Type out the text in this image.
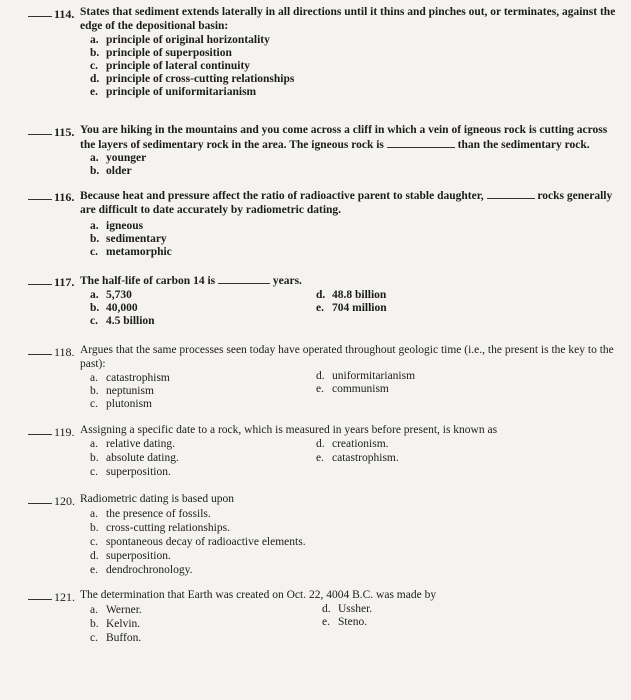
114. States that sediment extends laterally in all directions until it thins and pinches out, or terminates, against the edge of the depositional basin:
a. principle of original horizontality
b. principle of superposition
c. principle of lateral continuity
d. principle of cross-cutting relationships
e. principle of uniformitarianism
115. You are hiking in the mountains and you come across a cliff in which a vein of igneous rock is cutting across the layers of sedimentary rock in the area. The igneous rock is	than the sedimentary rock.
a. younger
b. older
116. Because heat and pressure affect the ratio of radioactive parent to stable daughter,	rocks generally are difficult to date accurately by radiometric dating.
a. igneous
b. sedimentary
c. metamorphic
117. The half-life of carbon 14 is	years.
a. 5,730
b. 40,000
c. 4.5 billion
d. 48.8 billion
e. 704 million
118. Argues that the same processes seen today have operated throughout geologic time (i.e., the present is the key to the past):
a. catastrophism
b. neptunism
c. plutonism
d. uniformitarianism
e. communism
119. Assigning a specific date to a rock, which is measured in years before present, is known as
a. relative dating.
b. absolute dating.
c. superposition.
d. creationism.
e. catastrophism.
120. Radiometric dating is based upon
a. the presence of fossils.
b. cross-cutting relationships.
c. spontaneous decay of radioactive elements.
d. superposition.
e. dendrochronology.
121. The determination that Earth was created on Oct. 22, 4004 B.C. was made by
a. Werner.
b. Kelvin.
c. Buffon.
d. Ussher.
e. Steno.
